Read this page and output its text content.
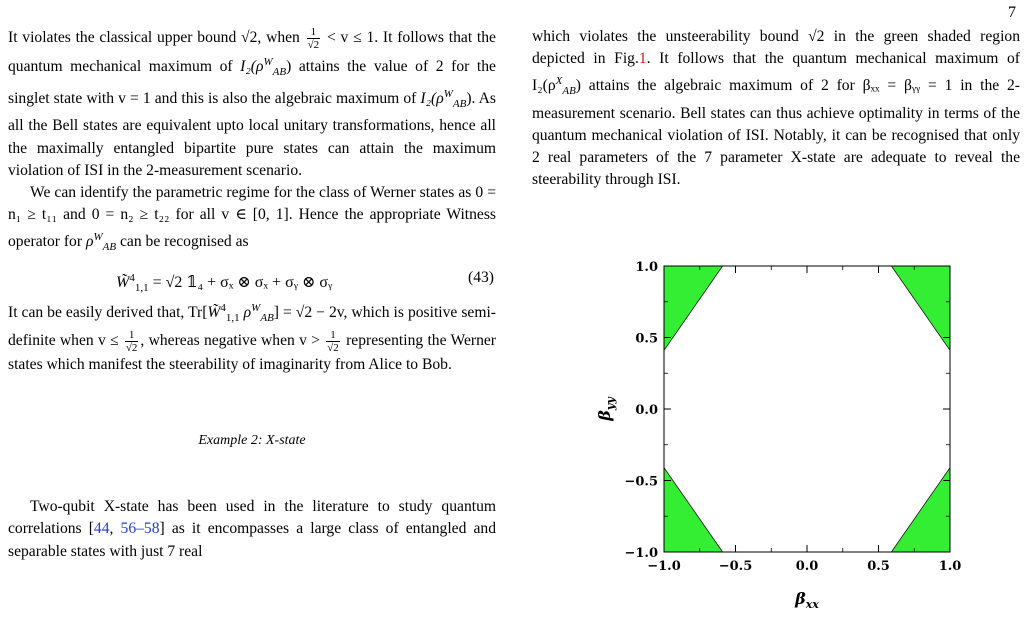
7

It violates the classical upper bound √2, when $\frac{1}{√2} < v \le 1$. It follows that the quantum mechanical maximum of $I_2(\rho^W_{AB})$ attains the value of 2 for the singlet state with v = 1 and this is also the algebraic maximum of $I_2(\rho^W_{AB})$. As all the Bell states are equivalent upto local unitary transformations, hence all the maximally entangled bipartite pure states can attain the maximum violation of ISI in the 2-measurement scenario.

We can identify the parametric regime for the class of Werner states as 0 = n₁ ≥ t₁₁ and 0 = n₂ ≥ t₂₂ for all v ∈ [0, 1]. Hence the appropriate Witness operator for $\rho^W_{AB}$ can be recognised as

W̃$^4_{1,1}$ = √2 𝟙₄ + σₓ ⊗ σₓ + σᵧ ⊗ σᵧ	(43)

It can be easily derived that, Tr[W̃$^4_{1,1}$ $\rho^W_{AB}] = √2 - 2v$, which is positive semi-definite when $v \le \frac{1}{√2}$ , whereas negative when $v > \frac{1}{√2}$ representing the Werner states which manifest the steerability of imaginarity from Alice to Bob.

Example 2: X-state

Two-qubit X-state has been used in the literature to study quantum correlations [44, 56–58] as it encompasses a large class of entangled and separable states with just 7 real

which violates the unsteerability bound √2 in the green shaded region depicted in Fig.1. It follows that the quantum mechanical maximum of $I_2(\rho^X_{AB})$ attains the algebraic maximum of 2 for βₓₓ = βᵧᵧ = 1 in the 2-measurement scenario. Bell states can thus achieve optimality in terms of the quantum mechanical violation of ISI. Notably, it can be recognised that only 2 real parameters of the 7 parameter X-state are adequate to reveal the steerability through ISI.

−1.0
−1.0
−0.5
−0.5
0.0
0.0
0.5
0.5
1.0
1.0
$\beta_{xx}$
$\beta_{yy}$
